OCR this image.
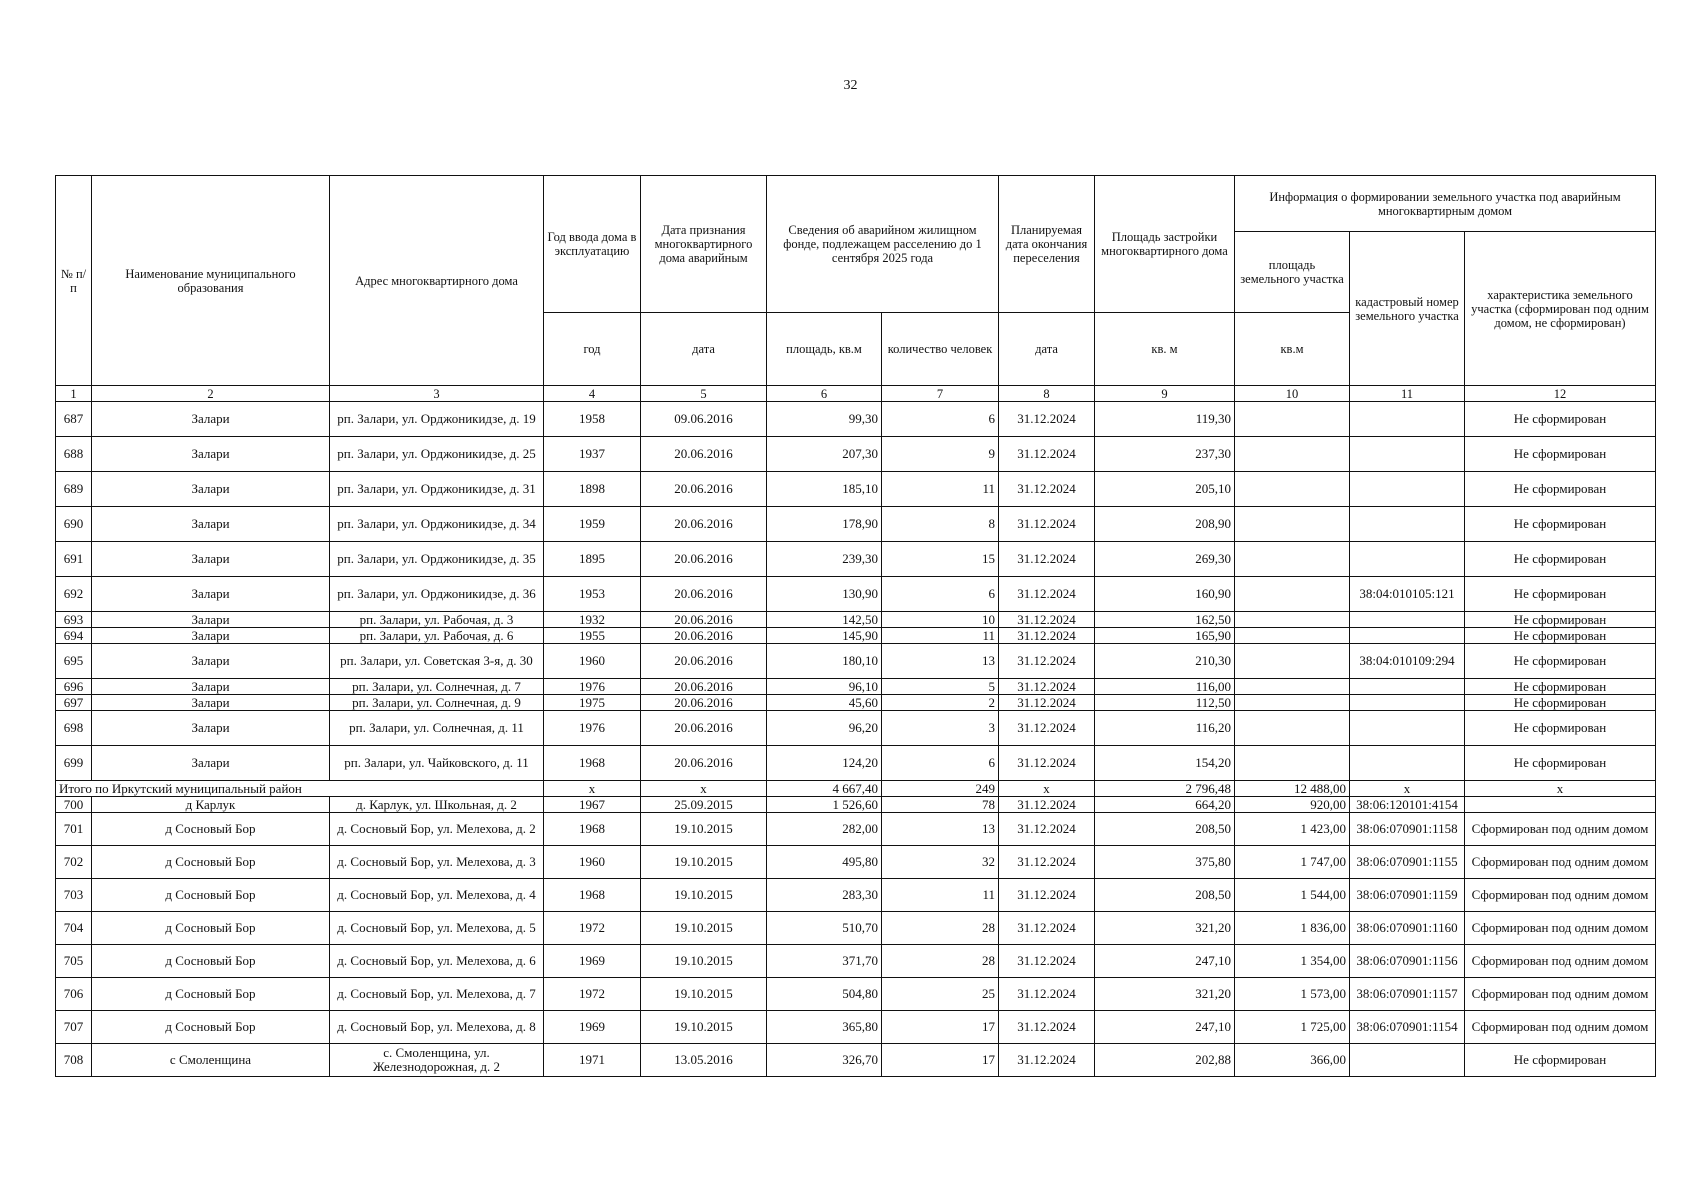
32
№ п/п	Наименование муниципального образования	Адрес многоквартирного дома	Год ввода дома в эксплуатацию	Дата признания многоквартирного дома аварийным	Сведения об аварийном жилищном фонде, подлежащем расселению до 1 сентября 2025 года		Планируемая дата окончания переселения	Площадь застройки многоквартирного дома	Информация о формировании земельного участка под аварийным многоквартирным домом		
									площадь земельного участка	кадастровый номер земельного участка	характеристика земельного участка (сформирован под одним домом, не сформирован)
			год	дата	площадь, кв.м	количество человек	дата	кв. м	кв.м		
1	2	3	4	5	6	7	8	9	10	11	12
687	Залари	рп. Залари, ул. Орджоникидзе, д. 19	1958	09.06.2016	99,30	6	31.12.2024	119,30			Не сформирован
688	Залари	рп. Залари, ул. Орджоникидзе, д. 25	1937	20.06.2016	207,30	9	31.12.2024	237,30			Не сформирован
689	Залари	рп. Залари, ул. Орджоникидзе, д. 31	1898	20.06.2016	185,10	11	31.12.2024	205,10			Не сформирован
690	Залари	рп. Залари, ул. Орджоникидзе, д. 34	1959	20.06.2016	178,90	8	31.12.2024	208,90			Не сформирован
691	Залари	рп. Залари, ул. Орджоникидзе, д. 35	1895	20.06.2016	239,30	15	31.12.2024	269,30			Не сформирован
692	Залари	рп. Залари, ул. Орджоникидзе, д. 36	1953	20.06.2016	130,90	6	31.12.2024	160,90		38:04:010105:121	Не сформирован
693	Залари	рп. Залари, ул. Рабочая, д. 3	1932	20.06.2016	142,50	10	31.12.2024	162,50			Не сформирован
694	Залари	рп. Залари, ул. Рабочая, д. 6	1955	20.06.2016	145,90	11	31.12.2024	165,90			Не сформирован
695	Залари	рп. Залари, ул. Советская 3-я, д. 30	1960	20.06.2016	180,10	13	31.12.2024	210,30		38:04:010109:294	Не сформирован
696	Залари	рп. Залари, ул. Солнечная, д. 7	1976	20.06.2016	96,10	5	31.12.2024	116,00			Не сформирован
697	Залари	рп. Залари, ул. Солнечная, д. 9	1975	20.06.2016	45,60	2	31.12.2024	112,50			Не сформирован
698	Залари	рп. Залари, ул. Солнечная, д. 11	1976	20.06.2016	96,20	3	31.12.2024	116,20			Не сформирован
699	Залари	рп. Залари, ул. Чайковского, д. 11	1968	20.06.2016	124,20	6	31.12.2024	154,20			Не сформирован
Итого по Иркутский муниципальный район			х	х	4 667,40	249	х	2 796,48	12 488,00	х	х
700	д Карлук	д. Карлук, ул. Школьная, д. 2	1967	25.09.2015	1 526,60	78	31.12.2024	664,20	920,00	38:06:120101:4154	
701	д Сосновый Бор	д. Сосновый Бор, ул. Мелехова, д. 2	1968	19.10.2015	282,00	13	31.12.2024	208,50	1 423,00	38:06:070901:1158	Сформирован под одним домом
702	д Сосновый Бор	д. Сосновый Бор, ул. Мелехова, д. 3	1960	19.10.2015	495,80	32	31.12.2024	375,80	1 747,00	38:06:070901:1155	Сформирован под одним домом
703	д Сосновый Бор	д. Сосновый Бор, ул. Мелехова, д. 4	1968	19.10.2015	283,30	11	31.12.2024	208,50	1 544,00	38:06:070901:1159	Сформирован под одним домом
704	д Сосновый Бор	д. Сосновый Бор, ул. Мелехова, д. 5	1972	19.10.2015	510,70	28	31.12.2024	321,20	1 836,00	38:06:070901:1160	Сформирован под одним домом
705	д Сосновый Бор	д. Сосновый Бор, ул. Мелехова, д. 6	1969	19.10.2015	371,70	28	31.12.2024	247,10	1 354,00	38:06:070901:1156	Сформирован под одним домом
706	д Сосновый Бор	д. Сосновый Бор, ул. Мелехова, д. 7	1972	19.10.2015	504,80	25	31.12.2024	321,20	1 573,00	38:06:070901:1157	Сформирован под одним домом
707	д Сосновый Бор	д. Сосновый Бор, ул. Мелехова, д. 8	1969	19.10.2015	365,80	17	31.12.2024	247,10	1 725,00	38:06:070901:1154	Сформирован под одним домом
708	с Смоленщина	с. Смоленщина, ул. Железнодорожная, д. 2	1971	13.05.2016	326,70	17	31.12.2024	202,88	366,00		Не сформирован
